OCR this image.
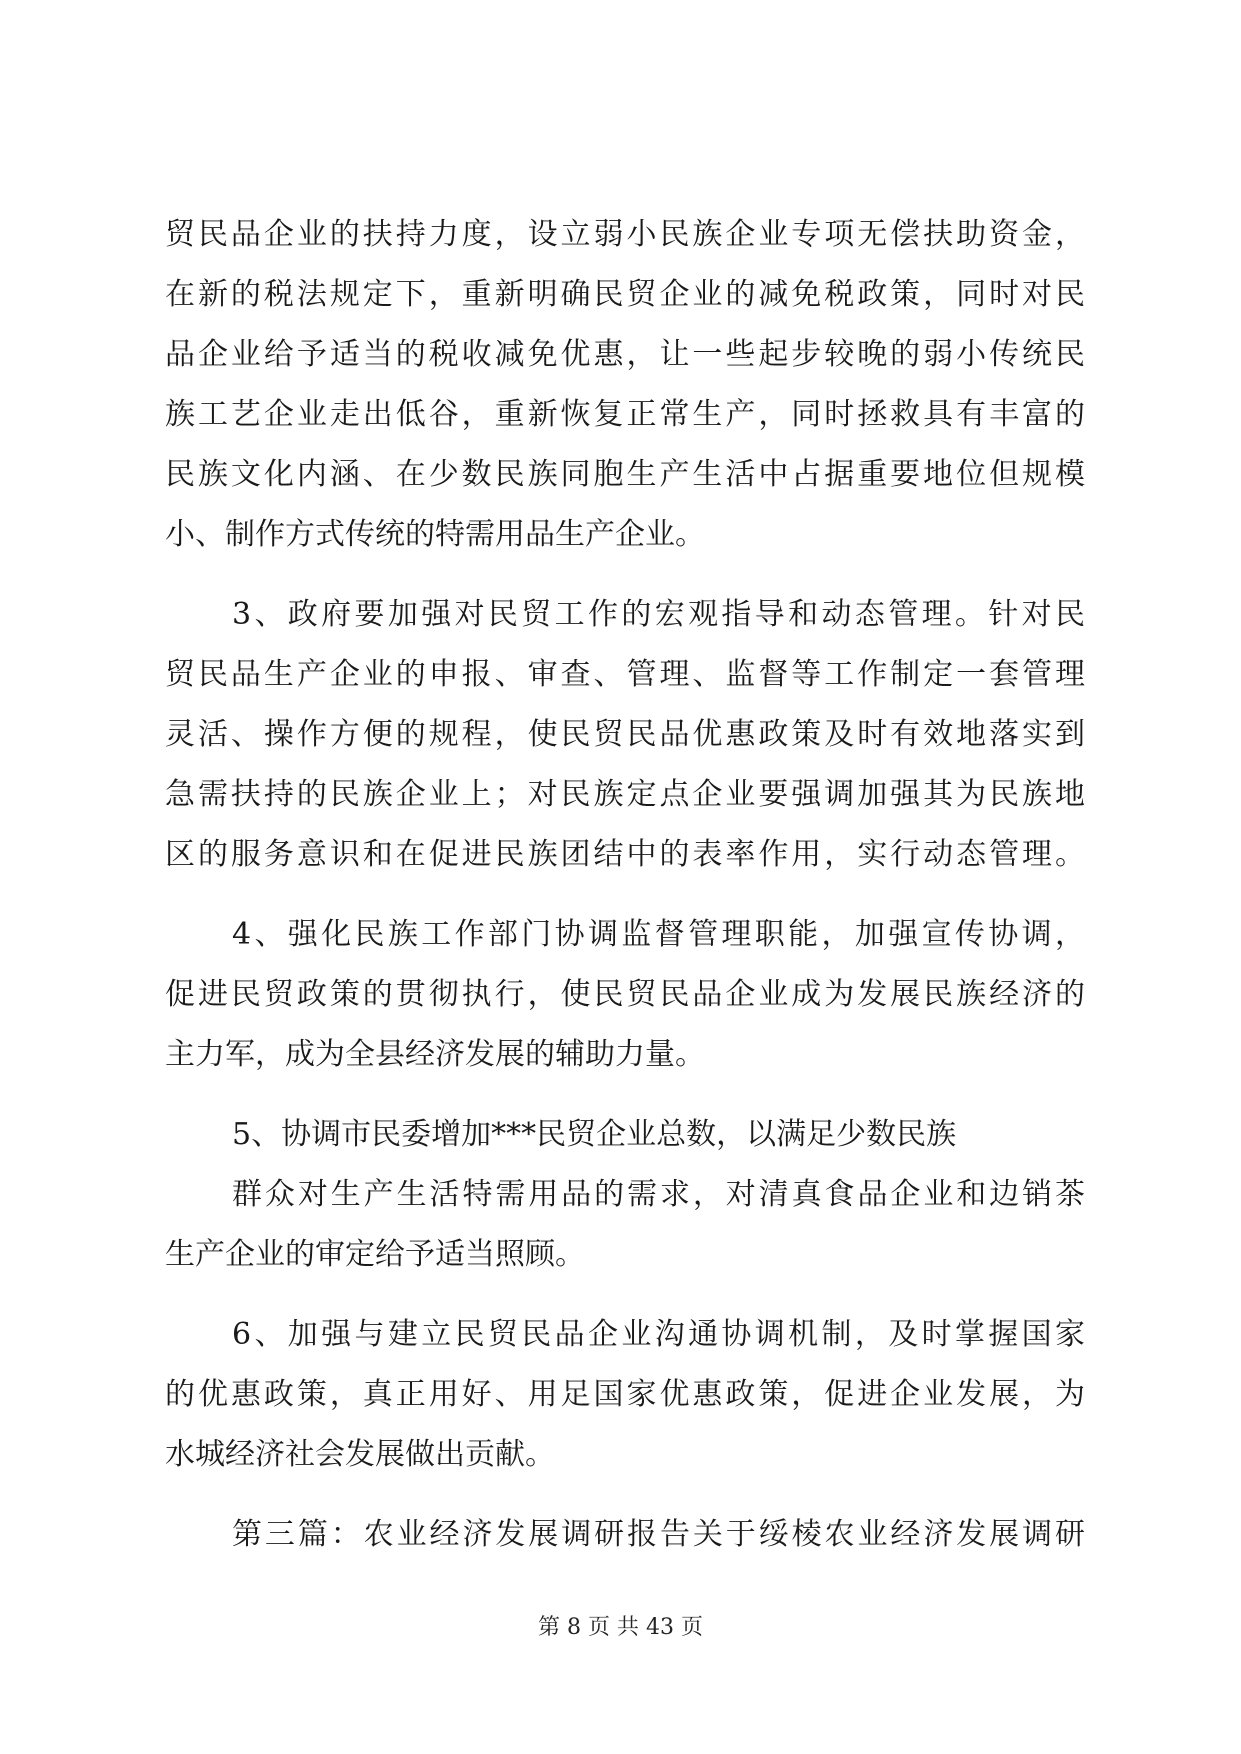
贸民品企业的扶持力度，设立弱小民族企业专项无偿扶助资金，
在新的税法规定下，重新明确民贸企业的减免税政策，同时对民
品企业给予适当的税收减免优惠，让一些起步较晚的弱小传统民
族工艺企业走出低谷，重新恢复正常生产，同时拯救具有丰富的
民族文化内涵、在少数民族同胞生产生活中占据重要地位但规模
小、制作方式传统的特需用品生产企业。
3、政府要加强对民贸工作的宏观指导和动态管理。针对民
贸民品生产企业的申报、审查、管理、监督等工作制定一套管理
灵活、操作方便的规程，使民贸民品优惠政策及时有效地落实到
急需扶持的民族企业上；对民族定点企业要强调加强其为民族地
区的服务意识和在促进民族团结中的表率作用，实行动态管理。
4、强化民族工作部门协调监督管理职能，加强宣传协调，
促进民贸政策的贯彻执行，使民贸民品企业成为发展民族经济的
主力军，成为全县经济发展的辅助力量。
5、协调市民委增加***民贸企业总数，以满足少数民族
群众对生产生活特需用品的需求，对清真食品企业和边销茶
生产企业的审定给予适当照顾。
6、加强与建立民贸民品企业沟通协调机制，及时掌握国家
的优惠政策，真正用好、用足国家优惠政策，促进企业发展，为
水城经济社会发展做出贡献。
第三篇：农业经济发展调研报告关于绥棱农业经济发展调研
第 8 页 共 43 页
